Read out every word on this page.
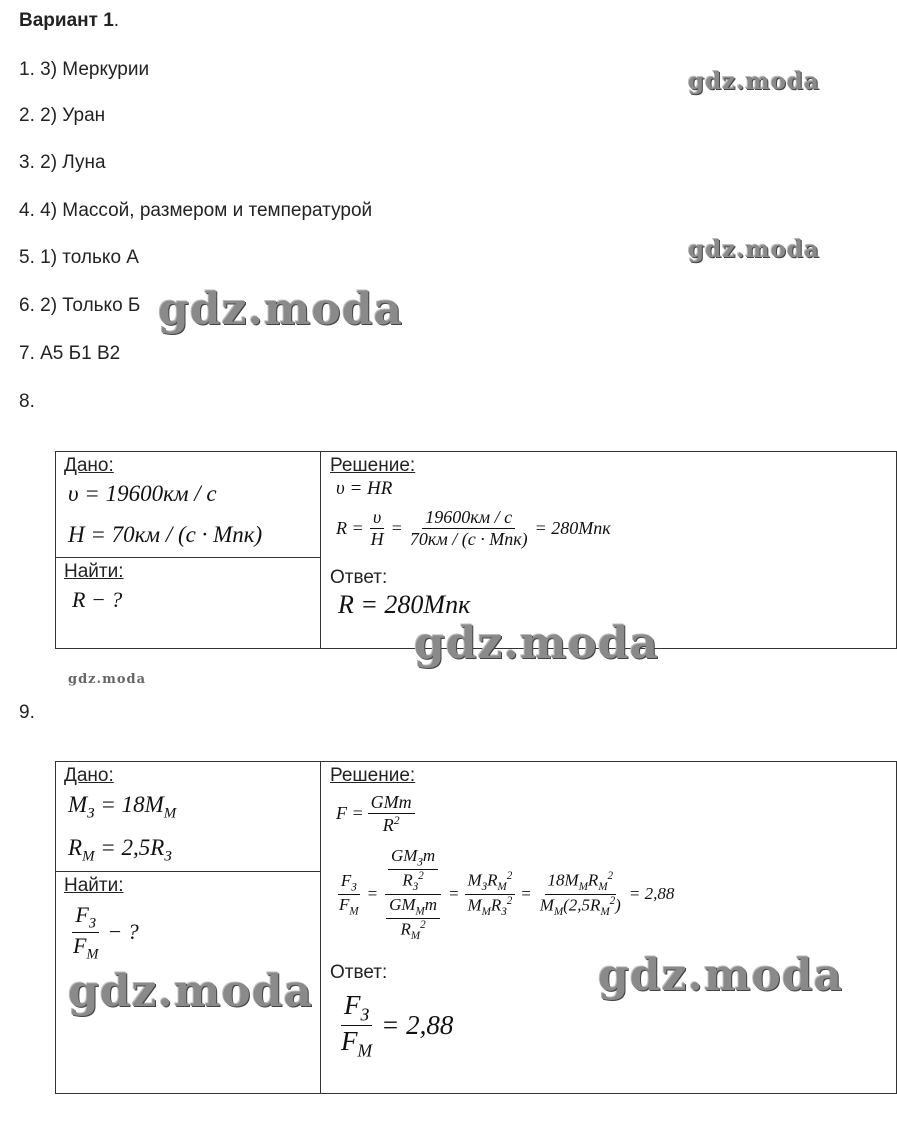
Вариант 1.
1. 3) Меркурии
2. 2) Уран
3. 2) Луна
4. 4) Массой, размером и температурой
5. 1) только А
6. 2) Только Б
7. А5 Б1 В2
8.
9.
Дано:
υ = 19600км / с
H = 70км / (с · Мпк)
Найти:
R − ?
Решение:
υ = HR
$R = \frac{\upsilon}{H} = \frac{19600км / с}{\text{70км / (с · Мпк)}} = 280Мпк$
Ответ:
R = 280Мпк
Дано:
$M_З = 18M_М$
$R_М = 2,5R_З$
Найти:
$\frac{F_З}{F_М}$ − ?
Решение:
$F = \frac{\text{GMm}}{R^2}$
$\frac{F_З}{F_М} = \frac{\frac{GM_Зm}{R_З^2}}{\frac{GM_Мm}{R_М^2}} = \frac{M_ЗR_М^2}{M_МR_З^2} = \frac{18M_МR_М^2}{M_М(2,5R_М^2)} = 2,88$
Ответ:
$\frac{F_З}{F_М} = 2,88$
gdz.moda
gdz.moda
gdz.moda
gdz.moda
gdz.moda
gdz.moda
gdz.moda
